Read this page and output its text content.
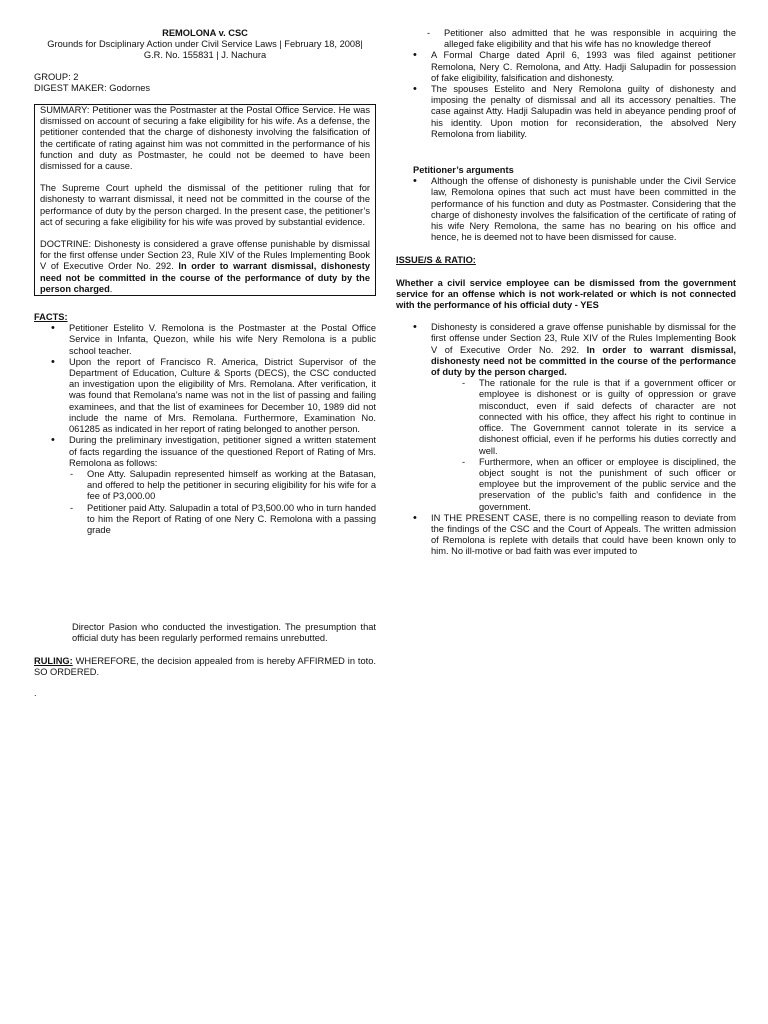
REMOLONA v. CSC
Grounds for Dsciplinary Action under Civil Service Laws | February 18, 2008|
G.R. No. 155831 | J. Nachura
GROUP: 2
DIGEST MAKER: Godornes

SUMMARY: Petitioner was the Postmaster at the Postal Office Service. He was dismissed on account of securing a fake eligibility for his wife. As a defense, the petitioner contended that the charge of dishonesty involving the falsification of the certificate of rating against him was not committed in the performance of his function and duty as Postmaster, he could not be deemed to have been dismissed for a cause.

The Supreme Court upheld the dismissal of the petitioner ruling that for dishonesty to warrant dismissal, it need not be committed in the course of the performance of duty by the person charged. In the present case, the petitioner’s act of securing a fake eligibility for his wife was proved by substantial evidence.

DOCTRINE: Dishonesty is considered a grave offense punishable by dismissal for the first offense under Section 23, Rule XIV of the Rules Implementing Book V of Executive Order No. 292. In order to warrant dismissal, dishonesty need not be committed in the course of the performance of duty by the person charged.

FACTS:
• Petitioner Estelito V. Remolona is the Postmaster at the Postal Office Service in Infanta, Quezon, while his wife Nery Remolona is a public school teacher.
• Upon the report of Francisco R. America, District Supervisor of the Department of Education, Culture & Sports (DECS), the CSC conducted an investigation upon the eligibility of Mrs. Remolana. After verification, it was found that Remolana’s name was not in the list of passing and failing examinees, and that the list of examinees for December 10, 1989 did not include the name of Mrs. Remolana. Furthermore, Examination No. 061285 as indicated in her report of rating belonged to another person.
• During the preliminary investigation, petitioner signed a written statement of facts regarding the issuance of the questioned Report of Rating of Mrs. Remolona as follows:
- One Atty. Salupadin represented himself as working at the Batasan, and offered to help the petitioner in securing eligibility for his wife for a fee of P3,000.00
- Petitioner paid Atty. Salupadin a total of P3,500.00 who in turn handed to him the Report of Rating of one Nery C. Remolona with a passing grade
Director Pasion who conducted the investigation. The presumption that official duty has been regularly performed remains unrebutted.
RULING: WHEREFORE, the decision appealed from is hereby AFFIRMED in toto. SO ORDERED.
.
- Petitioner also admitted that he was responsible in acquiring the alleged fake eligibility and that his wife has no knowledge thereof
• A Formal Charge dated April 6, 1993 was filed against petitioner Remolona, Nery C. Remolona, and Atty. Hadji Salupadin for possession of fake eligibility, falsification and dishonesty.
• The spouses Estelito and Nery Remolona guilty of dishonesty and imposing the penalty of dismissal and all its accessory penalties. The case against Atty. Hadji Salupadin was held in abeyance pending proof of his identity. Upon motion for reconsideration, the absolved Nery Remolona from liability.
Petitioner’s arguments
• Although the offense of dishonesty is punishable under the Civil Service law, Remolona opines that such act must have been committed in the performance of his function and duty as Postmaster. Considering that the charge of dishonesty involves the falsification of the certificate of rating of his wife Nery Remolona, the same has no bearing on his office and hence, he is deemed not to have been dismissed for cause.
ISSUE/S & RATIO:
Whether a civil service employee can be dismissed from the government service for an offense which is not work-related or which is not connected with the performance of his official duty - YES
• Dishonesty is considered a grave offense punishable by dismissal for the first offense under Section 23, Rule XIV of the Rules Implementing Book V of Executive Order No. 292. In order to warrant dismissal, dishonesty need not be committed in the course of the performance of duty by the person charged.
- The rationale for the rule is that if a government officer or employee is dishonest or is guilty of oppression or grave misconduct, even if said defects of character are not connected with his office, they affect his right to continue in office. The Government cannot tolerate in its service a dishonest official, even if he performs his duties correctly and well.
- Furthermore, when an officer or employee is disciplined, the object sought is not the punishment of such officer or employee but the improvement of the public service and the preservation of the public’s faith and confidence in the government.
• IN THE PRESENT CASE, there is no compelling reason to deviate from the findings of the CSC and the Court of Appeals. The written admission of Remolona is replete with details that could have been known only to him. No ill-motive or bad faith was ever imputed to
